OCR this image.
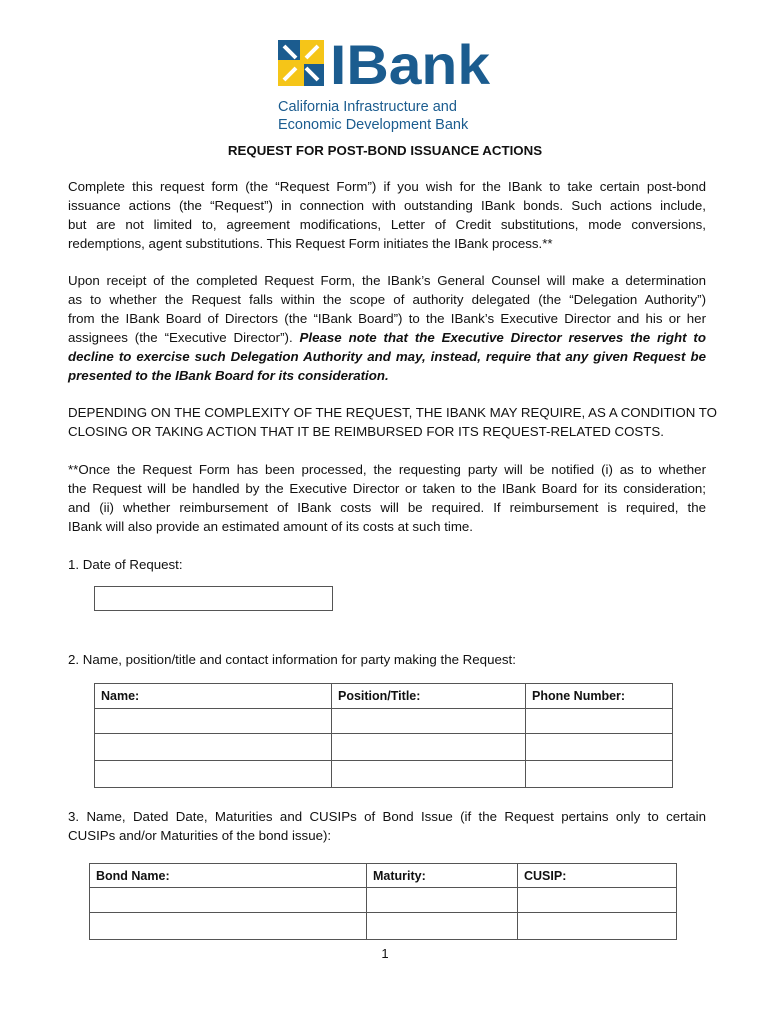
IBank
California Infrastructure and
Economic Development Bank
REQUEST FOR POST-BOND ISSUANCE ACTIONS
Complete this request form (the “Request Form”) if you wish for the IBank to take certain post-bond
issuance actions (the “Request”) in connection with outstanding IBank bonds. Such actions include,
but are not limited to, agreement modifications, Letter of Credit substitutions, mode conversions,
redemptions, agent substitutions. This Request Form initiates the IBank process.**
Upon receipt of the completed Request Form, the IBank’s General Counsel will make a determination
as to whether the Request falls within the scope of authority delegated (the “Delegation Authority”)
from the IBank Board of Directors (the “IBank Board”) to the IBank’s Executive Director and his or her
assignees (the “Executive Director”). Please note that the Executive Director reserves the right to
decline to exercise such Delegation Authority and may, instead, require that any given Request be
presented to the IBank Board for its consideration.
DEPENDING ON THE COMPLEXITY OF THE REQUEST, THE IBANK MAY REQUIRE, AS A CONDITION TO
CLOSING OR TAKING ACTION THAT IT BE REIMBURSED FOR ITS REQUEST-RELATED COSTS.
**Once the Request Form has been processed, the requesting party will be notified (i) as to whether
the Request will be handled by the Executive Director or taken to the IBank Board for its consideration;
and (ii) whether reimbursement of IBank costs will be required. If reimbursement is required, the
IBank will also provide an estimated amount of its costs at such time.
1. Date of Request:
2. Name, position/title and contact information for party making the Request:
Name:	Position/Title:	Phone Number:

3. Name, Dated Date, Maturities and CUSIPs of Bond Issue (if the Request pertains only to certain
CUSIPs and/or Maturities of the bond issue):
Bond Name:	Maturity:	CUSIP:

1
